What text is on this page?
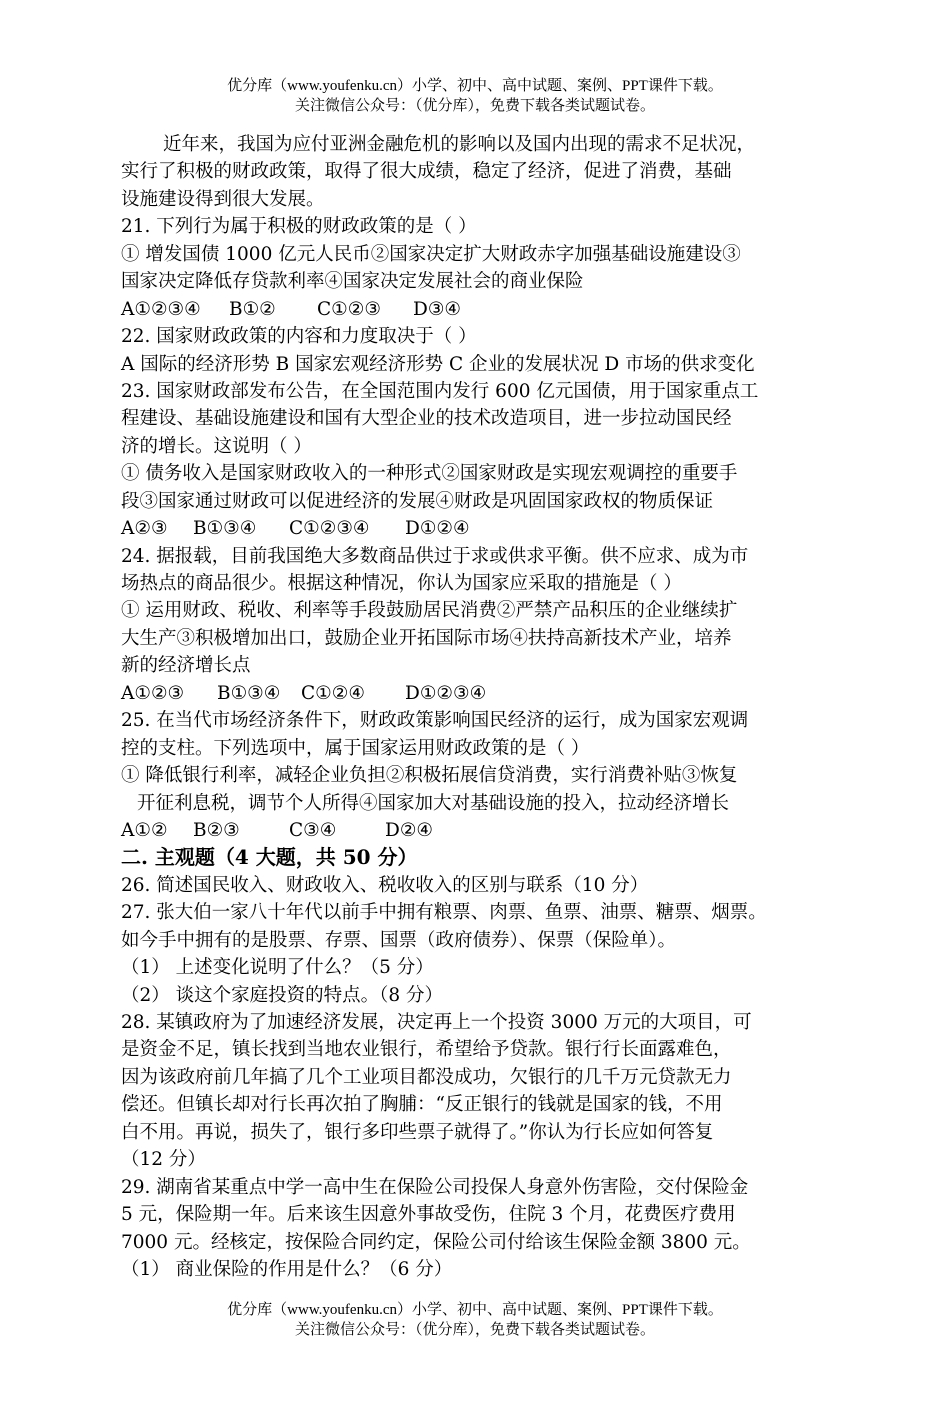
优分库（www.youfenku.cn）小学、初中、高中试题、案例、PPT课件下载。
关注微信公众号：（优分库），免费下载各类试题试卷。
近年来，我国为应付亚洲金融危机的影响以及国内出现的需求不足状况，
实行了积极的财政政策，取得了很大成绩，稳定了经济，促进了消费，基础
设施建设得到很大发展。
21. 下列行为属于积极的财政政策的是（ ）
① 增发国债 1000 亿元人民币②国家决定扩大财政赤字加强基础设施建设③
国家决定降低存贷款利率④国家决定发展社会的商业保险
A①②③④ B①② C①②③ D③④
22. 国家财政政策的内容和力度取决于（ ）
A 国际的经济形势 B 国家宏观经济形势 C 企业的发展状况 D 市场的供求变化
23. 国家财政部发布公告，在全国范围内发行 600 亿元国债，用于国家重点工
程建设、基础设施建设和国有大型企业的技术改造项目，进一步拉动国民经
济的增长。这说明（ ）
① 债务收入是国家财政收入的一种形式②国家财政是实现宏观调控的重要手
段③国家通过财政可以促进经济的发展④财政是巩固国家政权的物质保证
A②③ B①③④ C①②③④ D①②④
24. 据报载，目前我国绝大多数商品供过于求或供求平衡。供不应求、成为市
场热点的商品很少。根据这种情况，你认为国家应采取的措施是（ ）
① 运用财政、税收、利率等手段鼓励居民消费②严禁产品积压的企业继续扩
大生产③积极增加出口，鼓励企业开拓国际市场④扶持高新技术产业，培养
新的经济增长点
A①②③ B①③④ C①②④ D①②③④
25. 在当代市场经济条件下，财政政策影响国民经济的运行，成为国家宏观调
控的支柱。下列选项中，属于国家运用财政政策的是（ ）
① 降低银行利率，减轻企业负担②积极拓展信贷消费，实行消费补贴③恢复
开征利息税，调节个人所得④国家加大对基础设施的投入，拉动经济增长
A①② B②③	C③④	D②④
二. 主观题（4 大题，共 50 分）
26. 简述国民收入、财政收入、税收收入的区别与联系（10 分）
27. 张大伯一家八十年代以前手中拥有粮票、肉票、鱼票、油票、糖票、烟票。
如今手中拥有的是股票、存票、国票（政府债券）、保票（保险单）。
（1） 上述变化说明了什么？（5 分）
（2） 谈这个家庭投资的特点。（8 分）
28. 某镇政府为了加速经济发展，决定再上一个投资 3000 万元的大项目，可
是资金不足，镇长找到当地农业银行，希望给予贷款。银行行长面露难色，
因为该政府前几年搞了几个工业项目都没成功，欠银行的几千万元贷款无力
偿还。但镇长却对行长再次拍了胸脯：“反正银行的钱就是国家的钱，不用
白不用。再说，损失了，银行多印些票子就得了。”你认为行长应如何答复
（12 分）
29. 湖南省某重点中学一高中生在保险公司投保人身意外伤害险，交付保险金
5 元，保险期一年。后来该生因意外事故受伤，住院 3 个月，花费医疗费用
7000 元。经核定，按保险合同约定，保险公司付给该生保险金额 3800 元。
（1） 商业保险的作用是什么？（6 分）
优分库（www.youfenku.cn）小学、初中、高中试题、案例、PPT课件下载。
关注微信公众号：（优分库），免费下载各类试题试卷。
